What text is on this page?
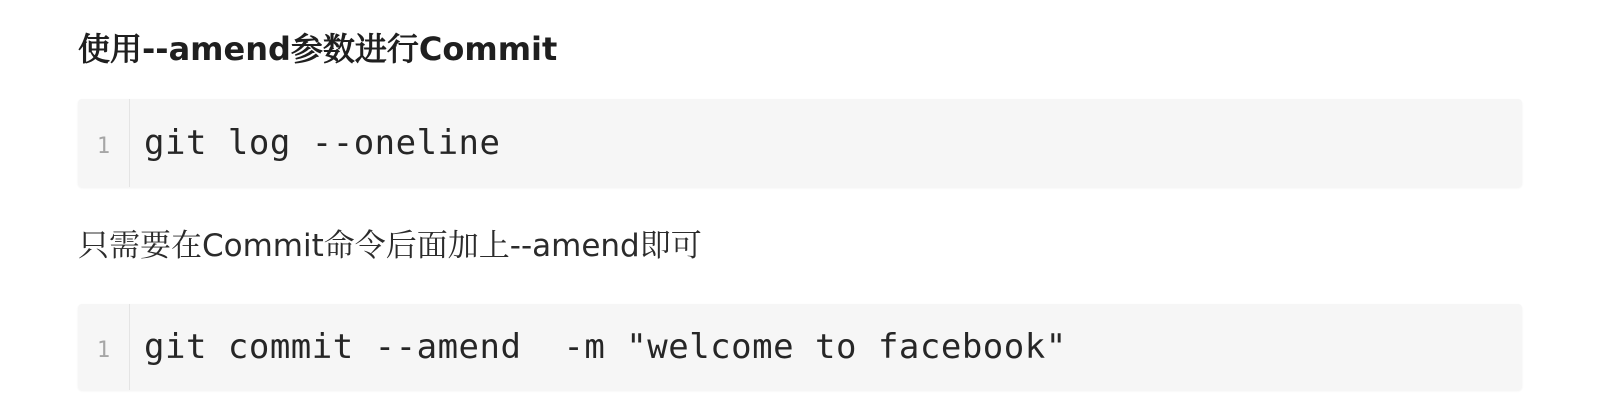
使用--amend参数进行Commit
1 git log --oneline
只需要在Commit命令后面加上--amend即可
1 git commit --amend  -m "welcome to facebook"
